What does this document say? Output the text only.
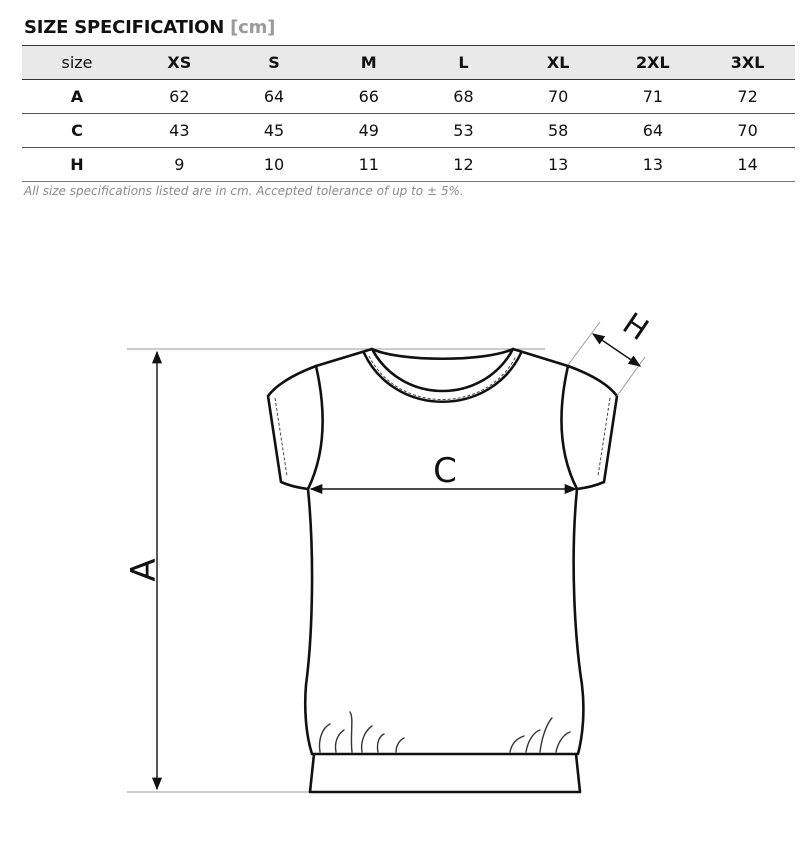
SIZE SPECIFICATION [cm]
size	XS	S	M	L	XL	2XL	3XL
A	62	64	66	68	70	71	72
C	43	45	49	53	58	64	70
H	9	10	11	12	13	13	14
All size specifications listed are in cm. Accepted tolerance of up to ± 5%.
A
C
H
